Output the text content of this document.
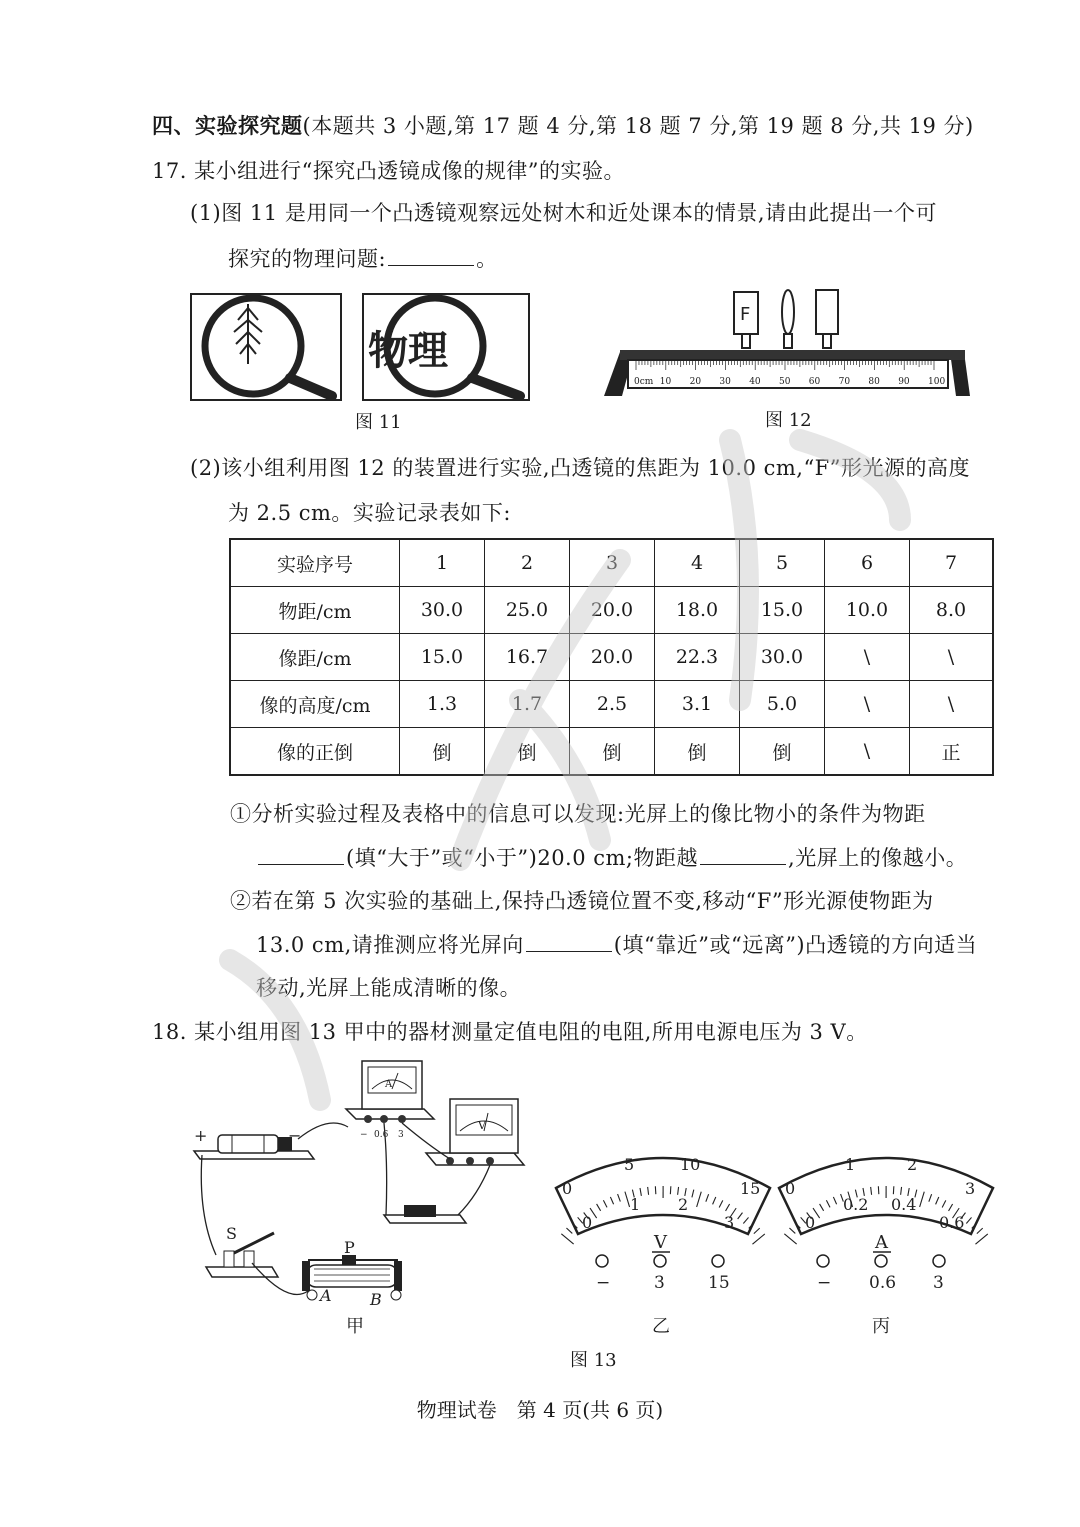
四、实验探究题(本题共 3 小题,第 17 题 4 分,第 18 题 7 分,第 19 题 8 分,共 19 分)
17. 某小组进行“探究凸透镜成像的规律”的实验。
(1)图 11 是用同一个凸透镜观察远处树木和近处课本的情景,请由此提出一个可
探究的物理问题:	。
物理
图 11
0cm 10 20 30 40 50 60 70 80 90 100
F
图 12
(2)该小组利用图 12 的装置进行实验,凸透镜的焦距为 10.0 cm,“F”形光源的高度
为 2.5 cm。实验记录表如下:
实验序号	1	2	3	4	5	6	7
物距/cm	30.0	25.0	20.0	18.0	15.0	10.0	8.0
像距/cm	15.0	16.7	20.0	22.3	30.0	\	\
像的高度/cm	1.3	1.7	2.5	3.1	5.0	\	\
像的正倒	倒	倒	倒	倒	倒	\	正
①分析实验过程及表格中的信息可以发现:光屏上的像比物小的条件为物距
(填“大于”或“小于”)20.0 cm;物距越	,光屏上的像越小。
②若在第 5 次实验的基础上,保持凸透镜位置不变,移动“F”形光源使物距为
13.0 cm,请推测应将光屏向	(填“靠近”或“远离”)凸透镜的方向适当
移动,光屏上能成清晰的像。
18. 某小组用图 13 甲中的器材测量定值电阻的电阻,所用电源电压为 3 V。
+	−
A
− 0.6 3
V
S
P
A B
0
5	10
15
0
1 2
3
V
−	3	15
0
1	2
3
0
0.2 0.4
0.6
A
− 0.6 3
甲	乙	丙
图 13
物理试卷　第 4 页(共 6 页)
